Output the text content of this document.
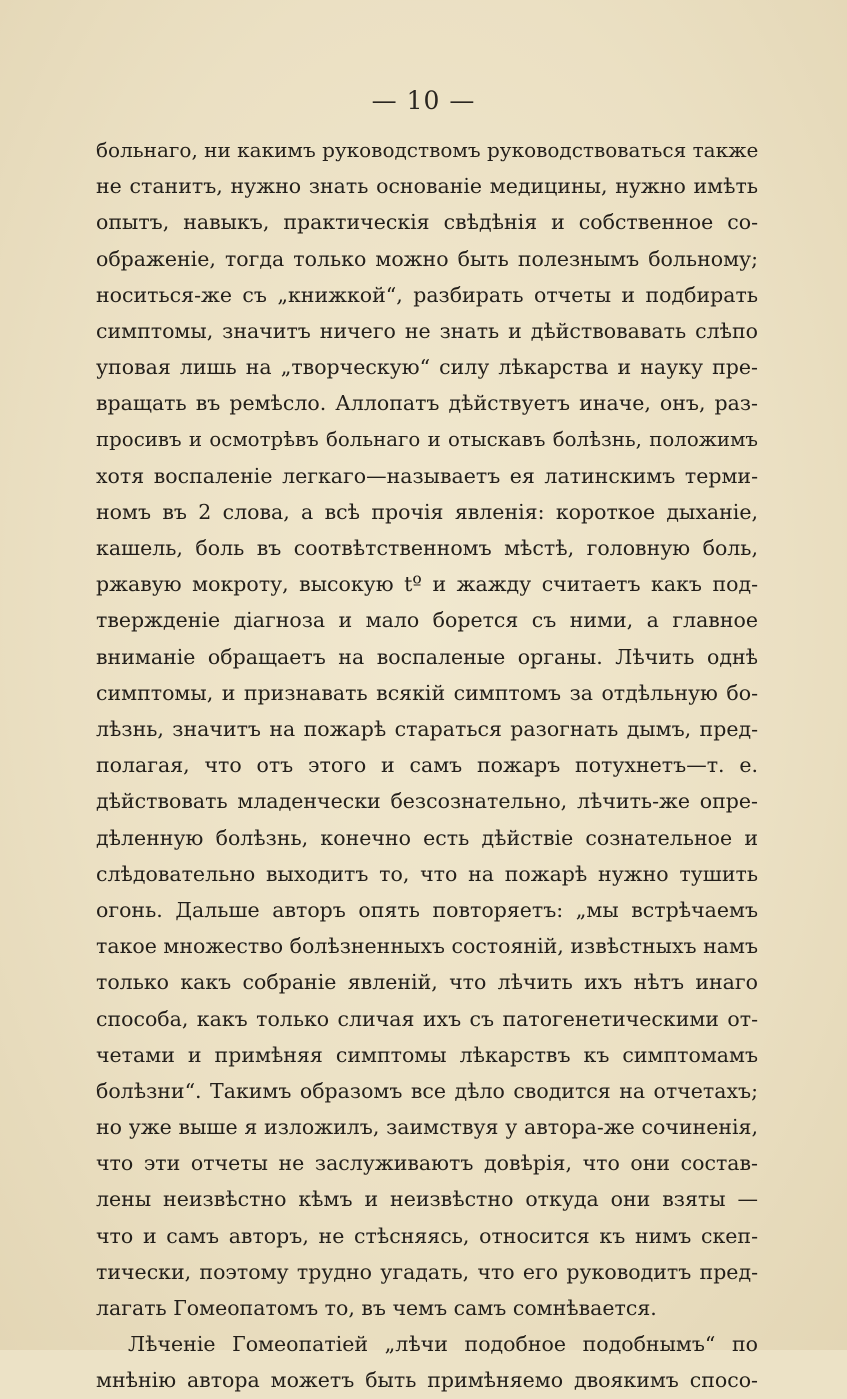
— 10 —
больнаго, ни какимъ руководствомъ руководствоваться также
не станитъ, нужно знать основанiе медицины, нужно имѣть
опытъ, навыкъ, практическiя свѣдѣнiя и собственное со-
ображенiе, тогда только можно быть полезнымъ больному;
носиться-же съ „книжкой“, разбирать отчеты и подбирать
симптомы, значитъ ничего не знать и дѣйствовавать слѣпо
уповая лишь на „творческую“ силу лѣкарства и науку пре-
вращать въ ремѣсло. Аллопатъ дѣйствуетъ иначе, онъ, раз-
просивъ и осмотрѣвъ больнаго и отыскавъ болѣзнь, положимъ
хотя воспаленiе легкаго—называетъ ея латинскимъ терми-
номъ въ 2 слова, а всѣ прочiя явленiя: короткое дыханiе,
кашель, боль въ соотвѣтственномъ мѣстѣ, головную боль,
ржавую мокроту, высокую tº и жажду считаетъ какъ под-
твержденiе дiагноза и мало борется съ ними, а главное
вниманiе обращаетъ на воспаленые органы. Лѣчить однѣ
симптомы, и признавать всякiй симптомъ за отдѣльную бо-
лѣзнь, значитъ на пожарѣ стараться разогнать дымъ, пред-
полагая, что отъ этого и самъ пожаръ потухнетъ—т. е.
дѣйствовать младенчески безсознательно, лѣчить-же опре-
дѣленную болѣзнь, конечно есть дѣйствiе сознательное и
слѣдовательно выходитъ то, что на пожарѣ нужно тушить
огонь. Дальше авторъ опять повторяетъ: „мы встрѣчаемъ
такое множество болѣзненныхъ состоянiй, извѣстныхъ намъ
только какъ собранiе явленiй, что лѣчить ихъ нѣтъ инаго
способа, какъ только сличая ихъ съ патогенетическими от-
четами и примѣняя симптомы лѣкарствъ къ симптомамъ
болѣзни“. Такимъ образомъ все дѣло сводится на отчетахъ;
но уже выше я изложилъ, заимствуя у автора-же сочиненiя,
что эти отчеты не заслуживаютъ довѣрiя, что они состав-
лены неизвѣстно кѣмъ и неизвѣстно откуда они взяты —
что и самъ авторъ, не стѣсняясь, относится къ нимъ скеп-
тически, поэтому трудно угадать, что его руководитъ пред-
лагать Гомеопатомъ то, въ чемъ самъ сомнѣвается.
Лѣченiе Гомеопатiей „лѣчи подобное подобнымъ“ по
мнѣнiю автора можетъ быть примѣняемо двоякимъ спосо-
